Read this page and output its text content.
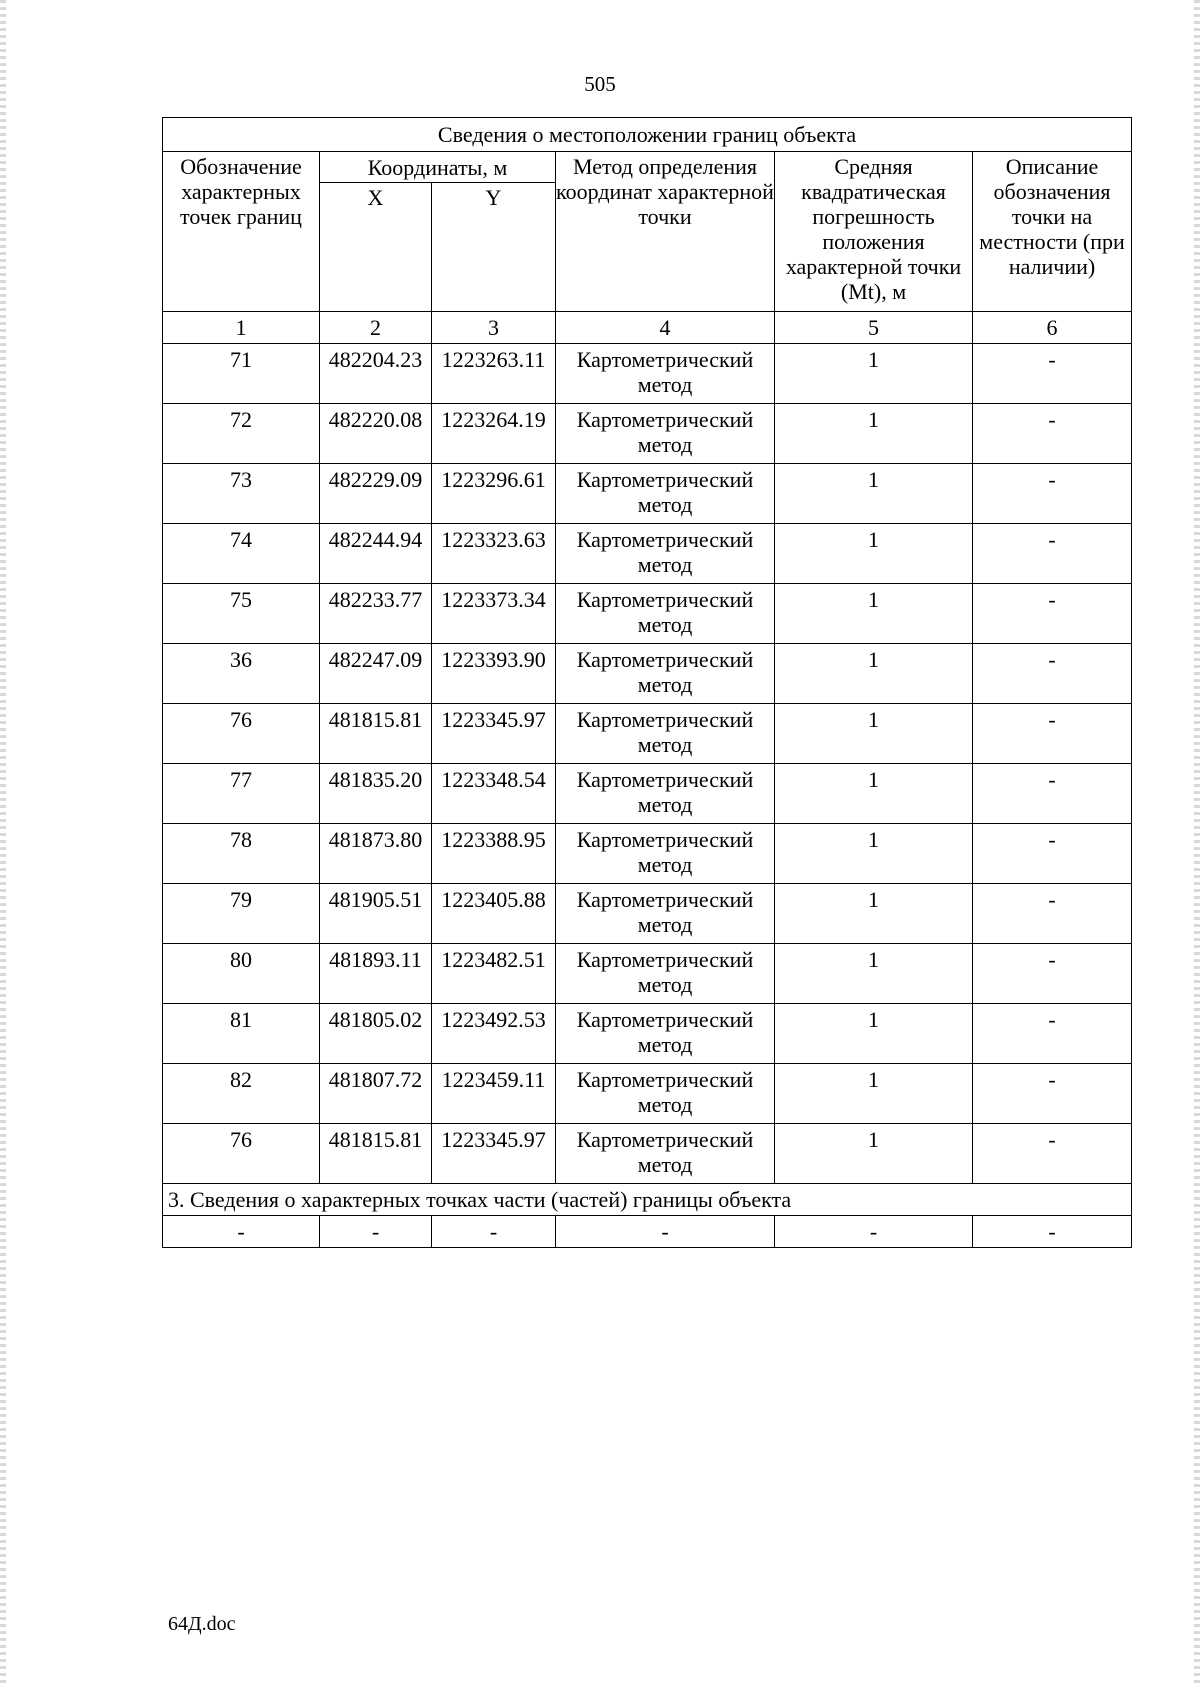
505
Сведения о местоположении границ объекта					
Обозначение характерных точек границ	Координаты, м		Метод определения координат характерной точки	Средняя квадратическая погрешность положения характерной точки (Mt), м	Описание обозначения точки на местности (при наличии)
	X	Y			
1	2	3	4	5	6
71	482204.23	1223263.11	Картометрический метод	1	-
72	482220.08	1223264.19	Картометрический метод	1	-
73	482229.09	1223296.61	Картометрический метод	1	-
74	482244.94	1223323.63	Картометрический метод	1	-
75	482233.77	1223373.34	Картометрический метод	1	-
36	482247.09	1223393.90	Картометрический метод	1	-
76	481815.81	1223345.97	Картометрический метод	1	-
77	481835.20	1223348.54	Картометрический метод	1	-
78	481873.80	1223388.95	Картометрический метод	1	-
79	481905.51	1223405.88	Картометрический метод	1	-
80	481893.11	1223482.51	Картометрический метод	1	-
81	481805.02	1223492.53	Картометрический метод	1	-
82	481807.72	1223459.11	Картометрический метод	1	-
76	481815.81	1223345.97	Картометрический метод	1	-
3. Сведения о характерных точках части (частей) границы объекта					
-	-	-	-	-	-
64Д.doc
